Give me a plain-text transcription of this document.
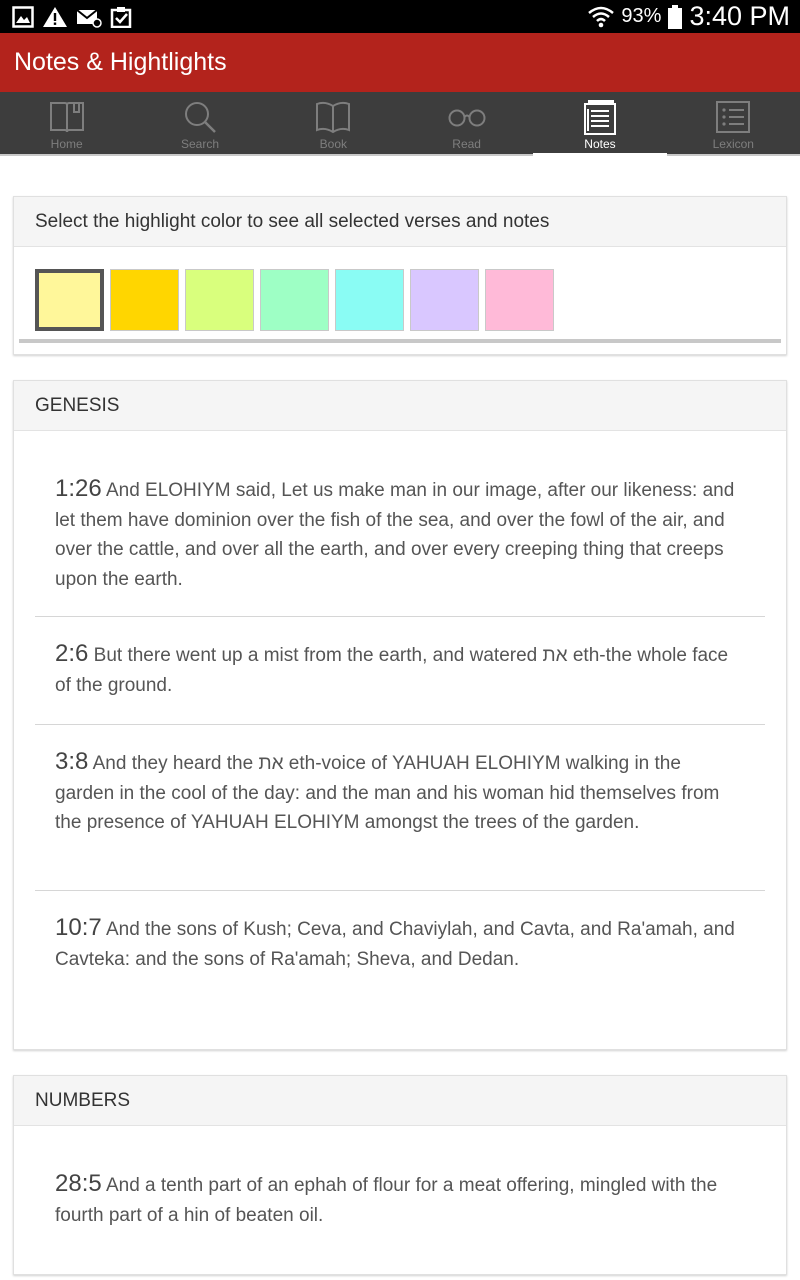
93% 3:40 PM
Notes & Hightlights
Home	Search	Book	Read	Notes	Lexicon
Select the highlight color to see all selected verses and notes
GENESIS
1:26 And ELOHIYM said, Let us make man in our image, after our likeness: and let them have dominion over the fish of the sea, and over the fowl of the air, and over the cattle, and over all the earth, and over every creeping thing that creeps upon the earth.
2:6 But there went up a mist from the earth, and watered את eth-the whole face of the ground.
3:8 And they heard the את eth-voice of YAHUAH ELOHIYM walking in the garden in the cool of the day: and the man and his woman hid themselves from the presence of YAHUAH ELOHIYM amongst the trees of the garden.
10:7 And the sons of Kush; Ceva, and Chaviylah, and Cavta, and Ra'amah, and Cavteka: and the sons of Ra'amah; Sheva, and Dedan.
NUMBERS
28:5 And a tenth part of an ephah of flour for a meat offering, mingled with the fourth part of a hin of beaten oil.
